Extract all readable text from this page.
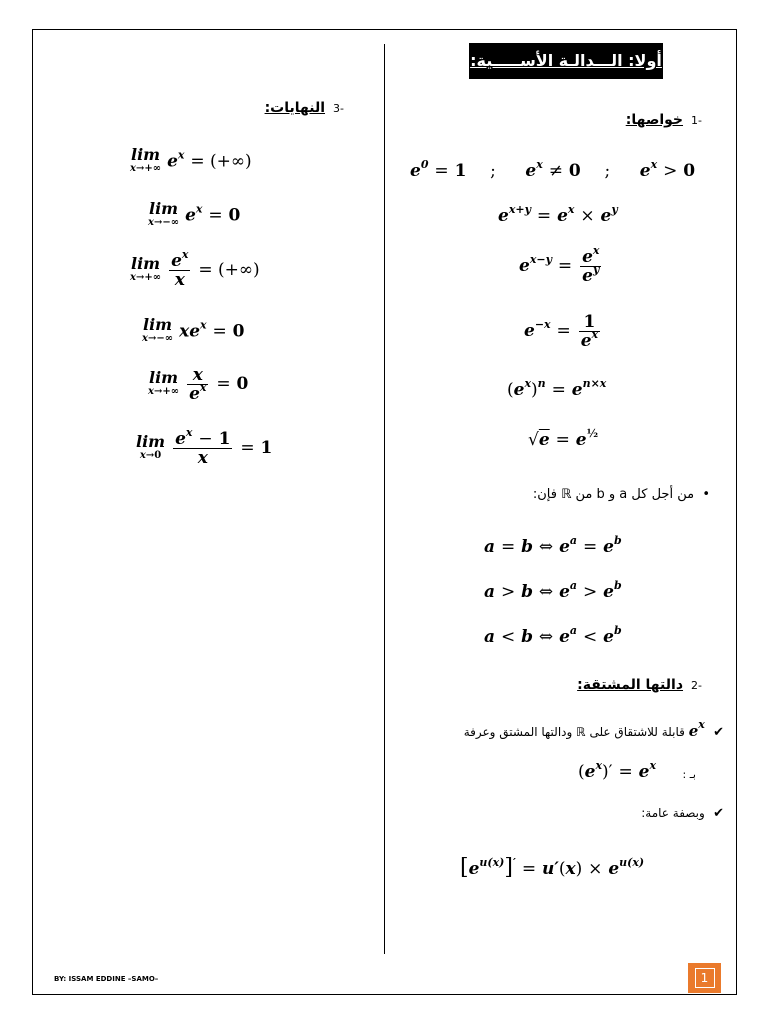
أولا: الـــدالـة الأســـــية:
-1خواصها:
$e^0 = 1$ ;     $e^x \ne 0$ ;     $e^x > 0$
$e^{x+y} = e^x \times e^y$
$e^{x-y} = \frac{e^x}{e^y}$
$e^{-x} = \frac{1}{e^x}$
$(e^x)^n = e^{n\times x}$
$√e = e^{\frac{1}{2}}$
•  من أجل كل a و b من ℝ فإن:
a = b ⇔ $e^a = e^b$
a > b ⇔ $e^a > e^b$
a < b ⇔ $e^a < e^b$
-2دالتها المشتقة:
✔  $e^x$ قابلة للاشتقاق على ℝ ودالتها المشتق وعرفة
بـ :
$(e^x)' = e^x$
✔  وبصفة عامة:
$[e^{u(x)}]' = u'(x) \times e^{u(x)}$
-3النهايات:
lim
x→+∞ $e^x$ = (+∞)
lim
x→−∞ $e^x = 0$
lim
$x\to+\infty \frac{e^x}{x}$ = (+∞)
lim
x→−∞ $xe^x = 0$
lim
$x\to+\infty \frac{x}{e^x} = 0$
lim
$x\to 0 \frac{e^x - 1}{x} = 1$
BY: ISSAM EDDINE –SAMO–	1
